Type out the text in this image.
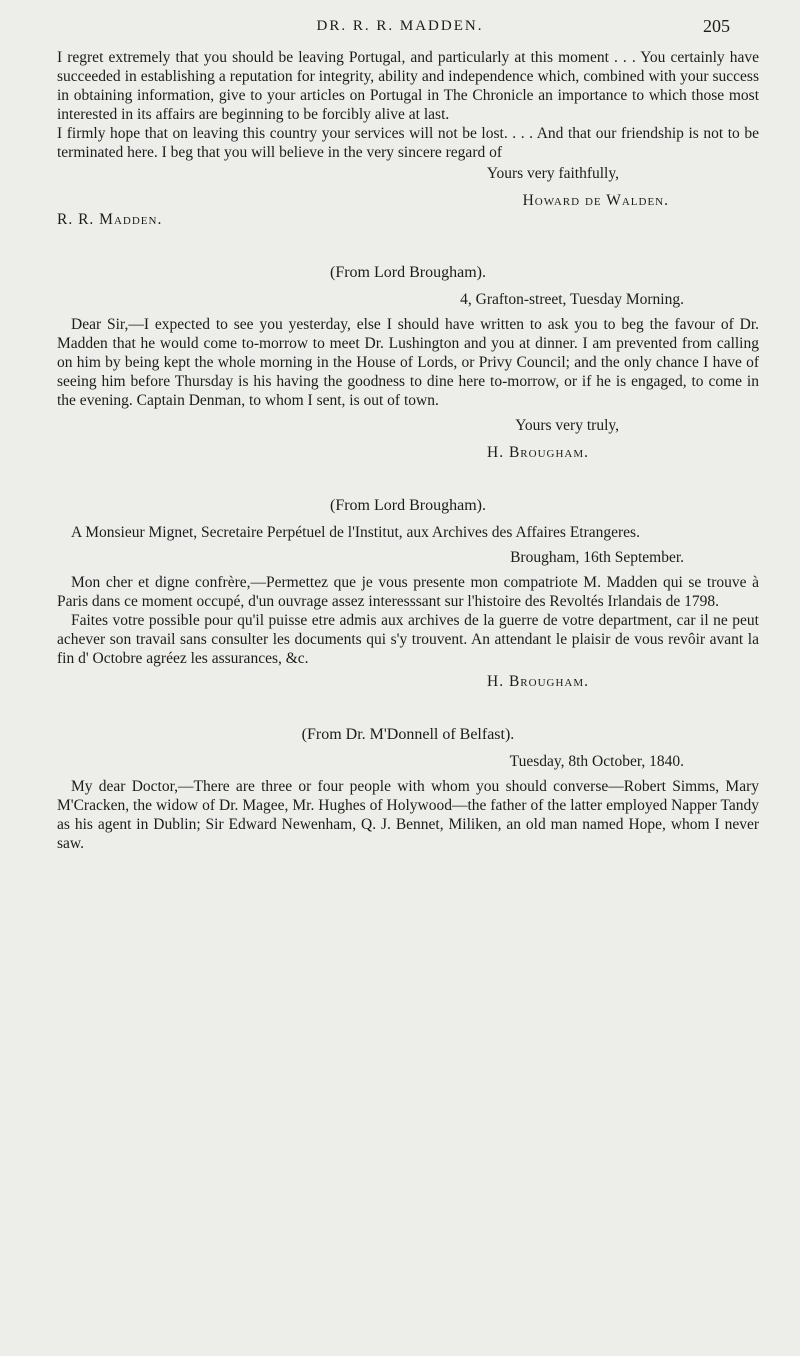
DR. R. R. MADDEN.	205

I regret extremely that you should be leaving Portugal, and particularly at this moment . . . You certainly have succeeded in establishing a reputation for integrity, ability and independence which, combined with your success in obtaining information, give to your articles on Portugal in The Chronicle an importance to which those most interested in its affairs are beginning to be forcibly alive at last.

I firmly hope that on leaving this country your services will not be lost. . . . And that our friendship is not to be terminated here. I beg that you will believe in the very sincere regard of

Yours very faithfully,
Howard de Walden.
R. R. Madden.
(From Lord Brougham).
4, Grafton-street, Tuesday Morning.

Dear Sir,—I expected to see you yesterday, else I should have written to ask you to beg the favour of Dr. Madden that he would come to-morrow to meet Dr. Lushington and you at dinner. I am prevented from calling on him by being kept the whole morning in the House of Lords, or Privy Council; and the only chance I have of seeing him before Thursday is his having the goodness to dine here to-morrow, or if he is engaged, to come in the evening. Captain Denman, to whom I sent, is out of town.

Yours very truly,
H. Brougham.
(From Lord Brougham).

A Monsieur Mignet, Secretaire Perpétuel de l'Institut, aux Archives des Affaires Etrangeres.

Brougham, 16th September.

Mon cher et digne confrère,—Permettez que je vous presente mon compatriote M. Madden qui se trouve à Paris dans ce moment occupé, d'un ouvrage assez interesssant sur l'histoire des Revoltés Irlandais de 1798.

Faites votre possible pour qu'il puisse etre admis aux archives de la guerre de votre department, car il ne peut achever son travail sans consulter les documents qui s'y trouvent. An attendant le plaisir de vous revôir avant la fin d' Octobre agréez les assurances, &c.

H. Brougham.
(From Dr. M'Donnell of Belfast).
Tuesday, 8th October, 1840.

My dear Doctor,—There are three or four people with whom you should converse—Robert Simms, Mary M'Cracken, the widow of Dr. Magee, Mr. Hughes of Holywood—the father of the latter employed Napper Tandy as his agent in Dublin; Sir Edward Newenham, Q. J. Bennet, Miliken, an old man named Hope, whom I never saw.
